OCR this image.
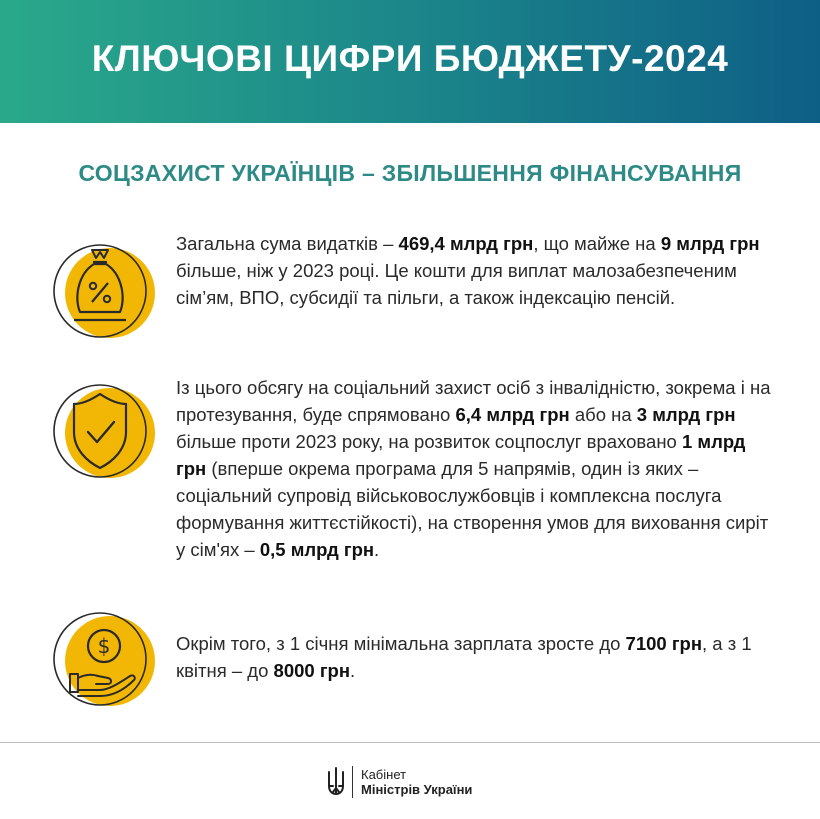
КЛЮЧОВІ ЦИФРИ БЮДЖЕТУ-2024
СОЦЗАХИСТ УКРАЇНЦІВ – ЗБІЛЬШЕННЯ ФІНАНСУВАННЯ
Загальна сума видатків – 469,4 млрд грн, що майже на 9 млрд грн більше, ніж у 2023 році. Це кошти для виплат малозабезпеченим сім’ям, ВПО, субсидії та пільги, а також індексацію пенсій.
Із цього обсягу на соціальний захист осіб з інвалідністю, зокрема і на протезування, буде спрямовано 6,4 млрд грн або на 3 млрд грн більше проти 2023 року, на розвиток соцпослуг враховано 1 млрд грн (вперше окрема програма для 5 напрямів, один із яких – соціальний супровід військовослужбовців і комплексна послуга формування життєстійкості), на створення умов для виховання сиріт у сім'ях – 0,5 млрд грн.
$	Окрім того, з 1 січня мінімальна зарплата зросте до 7100 грн, а з 1 квітня – до 8000 грн.
Кабінет
Міністрів України
